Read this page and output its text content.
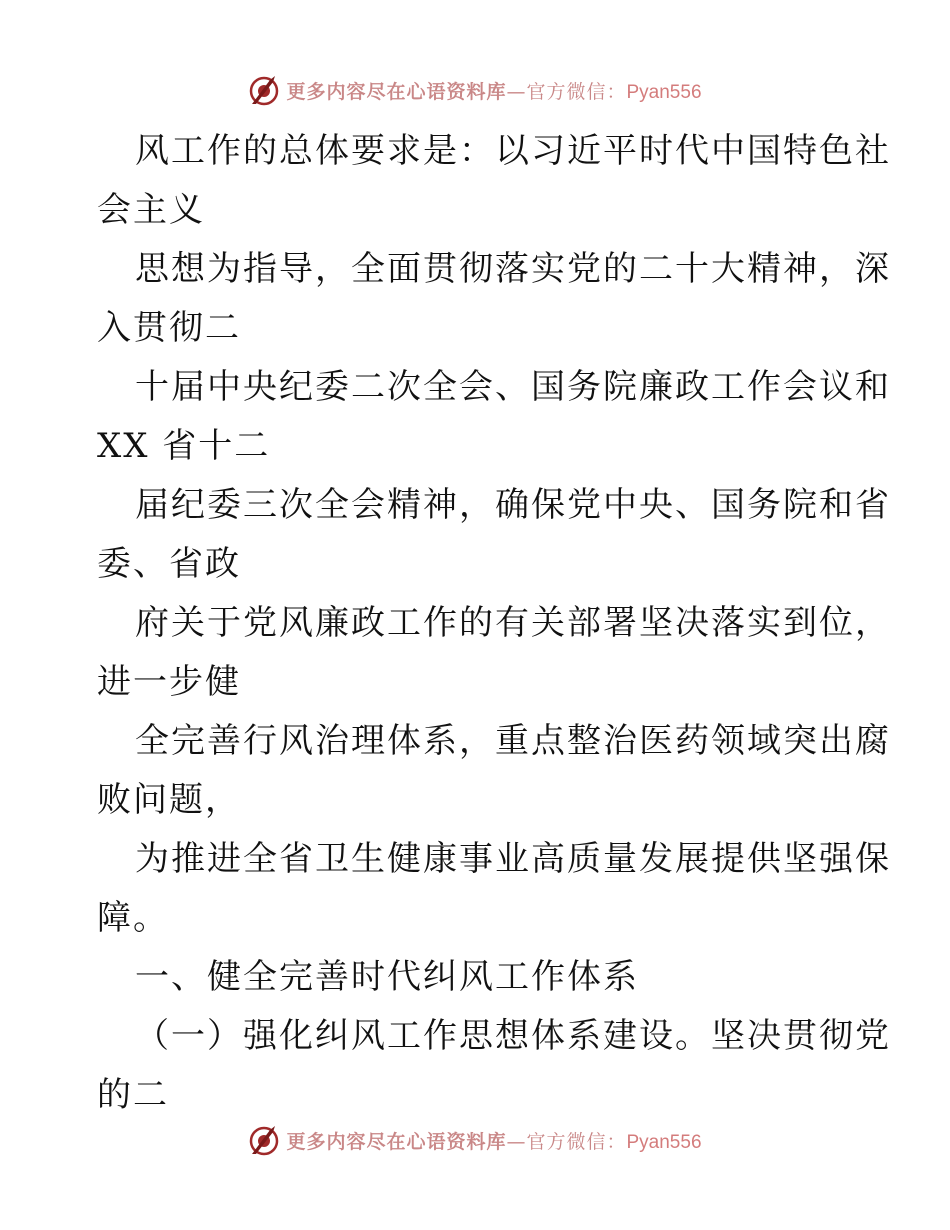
更多内容尽在心语资料库 — 官方微信： Pyan556
风工作的总体要求是：以习近平时代中国特色社
会主义
思想为指导，全面贯彻落实党的二十大精神，深
入贯彻二
十届中央纪委二次全会、国务院廉政工作会议和
XX 省十二
届纪委三次全会精神，确保党中央、国务院和省
委、省政
府关于党风廉政工作的有关部署坚决落实到位，
进一步健
全完善行风治理体系，重点整治医药领域突出腐
败问题，
为推进全省卫生健康事业高质量发展提供坚强保
障。
一、健全完善时代纠风工作体系
（一）强化纠风工作思想体系建设。坚决贯彻党
的二
更多内容尽在心语资料库 — 官方微信： Pyan556
